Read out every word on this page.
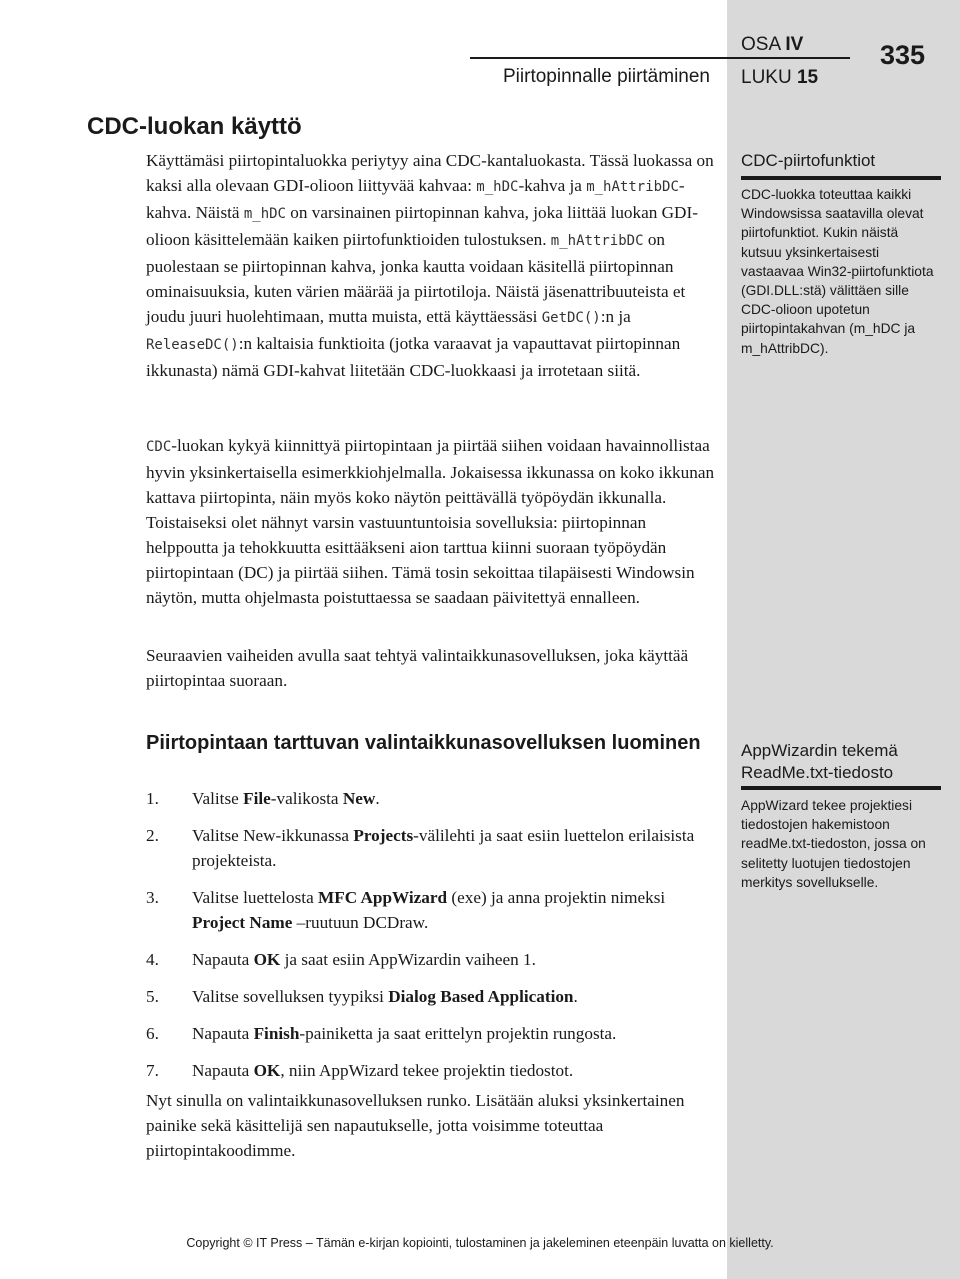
Piirtopinnalle piirtäminen
OSA IV
LUKU 15
335
CDC-luokan käyttö

Käyttämäsi piirtopintaluokka periytyy aina CDC-kantaluokasta. Tässä luokassa on kaksi alla olevaan GDI-olioon liittyvää kahvaa: m_hDC-kahva ja m_hAttribDC-kahva. Näistä m_hDC on varsinainen piirtopinnan kahva, joka liittää luokan GDI-olioon käsittelemään kaiken piirtofunktioiden tulostuksen. m_hAttribDC on puolestaan se piirtopinnan kahva, jonka kautta voidaan käsitellä piirtopinnan ominaisuuksia, kuten värien määrää ja piirtotiloja. Näistä jäsenattribuuteista et joudu juuri huolehtimaan, mutta muista, että käyttäessäsi GetDC():n ja ReleaseDC():n kaltaisia funktioita (jotka varaavat ja vapauttavat piirtopinnan ikkunasta) nämä GDI-kahvat liitetään CDC-luokkaasi ja irrotetaan siitä.

CDC-luokan kykyä kiinnittyä piirtopintaan ja piirtää siihen voidaan havainnollistaa hyvin yksinkertaisella esimerkkiohjelmalla. Jokaisessa ikkunassa on koko ikkunan kattava piirtopinta, näin myös koko näytön peittävällä työpöydän ikkunalla. Toistaiseksi olet nähnyt varsin vastuuntuntoisia sovelluksia: piirtopinnan helppoutta ja tehokkuutta esittääkseni aion tarttua kiinni suoraan työpöydän piirtopintaan (DC) ja piirtää siihen. Tämä tosin sekoittaa tilapäisesti Windowsin näytön, mutta ohjelmasta poistuttaessa se saadaan päivitettyä ennalleen.

Seuraavien vaiheiden avulla saat tehtyä valintaikkunasovelluksen, joka käyttää piirtopintaa suoraan.

Piirtopintaan tarttuvan valintaikkunasovelluksen luominen
1. Valitse File-valikosta New.
2. Valitse New-ikkunassa Projects-välilehti ja saat esiin luettelon erilaisista projekteista.
3. Valitse luettelosta MFC AppWizard (exe) ja anna projektin nimeksi Project Name –ruutuun DCDraw.
4. Napauta OK ja saat esiin AppWizardin vaiheen 1.
5. Valitse sovelluksen tyypiksi Dialog Based Application.
6. Napauta Finish-painiketta ja saat erittelyn projektin rungosta.
7. Napauta OK, niin AppWizard tekee projektin tiedostot.

Nyt sinulla on valintaikkunasovelluksen runko. Lisätään aluksi yksinkertainen painike sekä käsittelijä sen napautukselle, jotta voisimme toteuttaa piirtopintakoodimme.

CDC-piirtofunktiot

CDC-luokka toteuttaa kaikki Windowsissa saatavilla olevat piirtofunktiot. Kukin näistä kutsuu yksinkertaisesti vastaavaa Win32-piirtofunktiota (GDI.DLL:stä) välittäen sille CDC-olioon upotetun piirtopintakahvan (m_hDC ja m_hAttribDC).

AppWizardin tekemä ReadMe.txt-tiedosto

AppWizard tekee projektiesi tiedostojen hakemistoon readMe.txt-tiedoston, jossa on selitetty luotujen tiedostojen merkitys sovellukselle.

Copyright © IT Press – Tämän e-kirjan kopiointi, tulostaminen ja jakeleminen eteenpäin luvatta on kielletty.
